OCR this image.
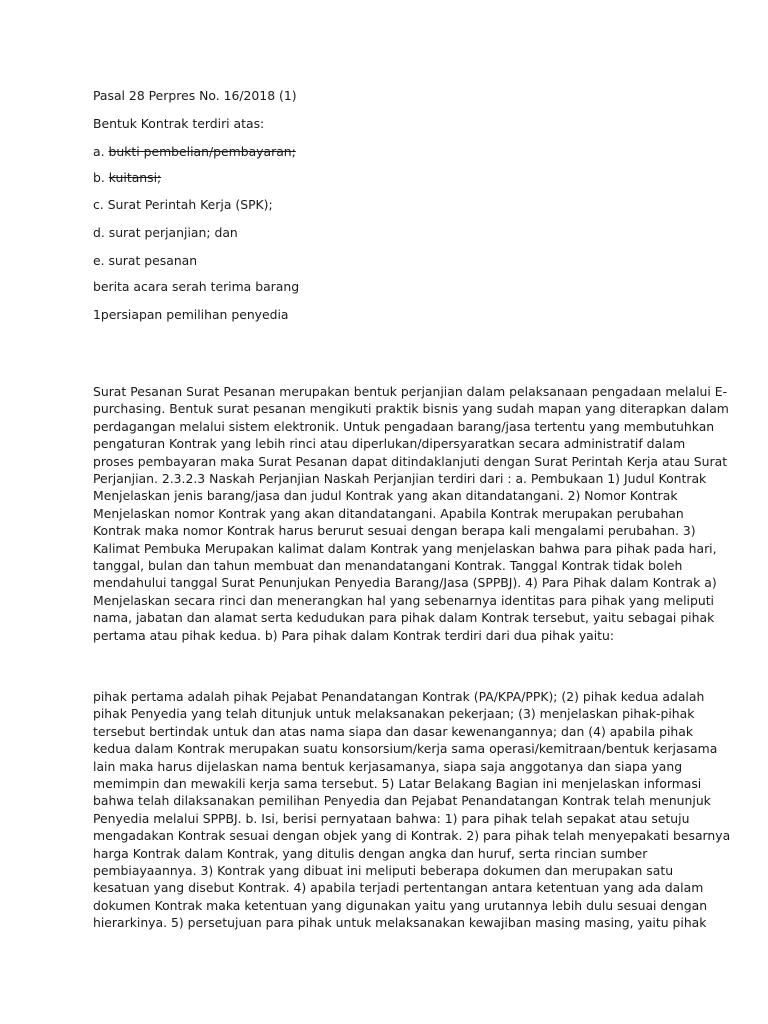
Pasal 28 Perpres No. 16/2018 (1)
Bentuk Kontrak terdiri atas:
a. bukti pembelian/pembayaran;
b. kuitansi;
c. Surat Perintah Kerja (SPK);
d. surat perjanjian; dan
e. surat pesanan
berita acara serah terima barang
1persiapan pemilihan penyedia
Surat Pesanan Surat Pesanan merupakan bentuk perjanjian dalam pelaksanaan pengadaan melalui E-
purchasing. Bentuk surat pesanan mengikuti praktik bisnis yang sudah mapan yang diterapkan dalam
perdagangan melalui sistem elektronik. Untuk pengadaan barang/jasa tertentu yang membutuhkan
pengaturan Kontrak yang lebih rinci atau diperlukan/dipersyaratkan secara administratif dalam
proses pembayaran maka Surat Pesanan dapat ditindaklanjuti dengan Surat Perintah Kerja atau Surat
Perjanjian. 2.3.2.3 Naskah Perjanjian Naskah Perjanjian terdiri dari : a. Pembukaan 1) Judul Kontrak
Menjelaskan jenis barang/jasa dan judul Kontrak yang akan ditandatangani. 2) Nomor Kontrak
Menjelaskan nomor Kontrak yang akan ditandatangani. Apabila Kontrak merupakan perubahan
Kontrak maka nomor Kontrak harus berurut sesuai dengan berapa kali mengalami perubahan. 3)
Kalimat Pembuka Merupakan kalimat dalam Kontrak yang menjelaskan bahwa para pihak pada hari,
tanggal, bulan dan tahun membuat dan menandatangani Kontrak. Tanggal Kontrak tidak boleh
mendahului tanggal Surat Penunjukan Penyedia Barang/Jasa (SPPBJ). 4) Para Pihak dalam Kontrak a)
Menjelaskan secara rinci dan menerangkan hal yang sebenarnya identitas para pihak yang meliputi
nama, jabatan dan alamat serta kedudukan para pihak dalam Kontrak tersebut, yaitu sebagai pihak
pertama atau pihak kedua. b) Para pihak dalam Kontrak terdiri dari dua pihak yaitu:
pihak pertama adalah pihak Pejabat Penandatangan Kontrak (PA/KPA/PPK); (2) pihak kedua adalah
pihak Penyedia yang telah ditunjuk untuk melaksanakan pekerjaan; (3) menjelaskan pihak-pihak
tersebut bertindak untuk dan atas nama siapa dan dasar kewenangannya; dan (4) apabila pihak
kedua dalam Kontrak merupakan suatu konsorsium/kerja sama operasi/kemitraan/bentuk kerjasama
lain maka harus dijelaskan nama bentuk kerjasamanya, siapa saja anggotanya dan siapa yang
memimpin dan mewakili kerja sama tersebut. 5) Latar Belakang Bagian ini menjelaskan informasi
bahwa telah dilaksanakan pemilihan Penyedia dan Pejabat Penandatangan Kontrak telah menunjuk
Penyedia melalui SPPBJ. b. Isi, berisi pernyataan bahwa: 1) para pihak telah sepakat atau setuju
mengadakan Kontrak sesuai dengan objek yang di Kontrak. 2) para pihak telah menyepakati besarnya
harga Kontrak dalam Kontrak, yang ditulis dengan angka dan huruf, serta rincian sumber
pembiayaannya. 3) Kontrak yang dibuat ini meliputi beberapa dokumen dan merupakan satu
kesatuan yang disebut Kontrak. 4) apabila terjadi pertentangan antara ketentuan yang ada dalam
dokumen Kontrak maka ketentuan yang digunakan yaitu yang urutannya lebih dulu sesuai dengan
hierarkinya. 5) persetujuan para pihak untuk melaksanakan kewajiban masing masing, yaitu pihak
